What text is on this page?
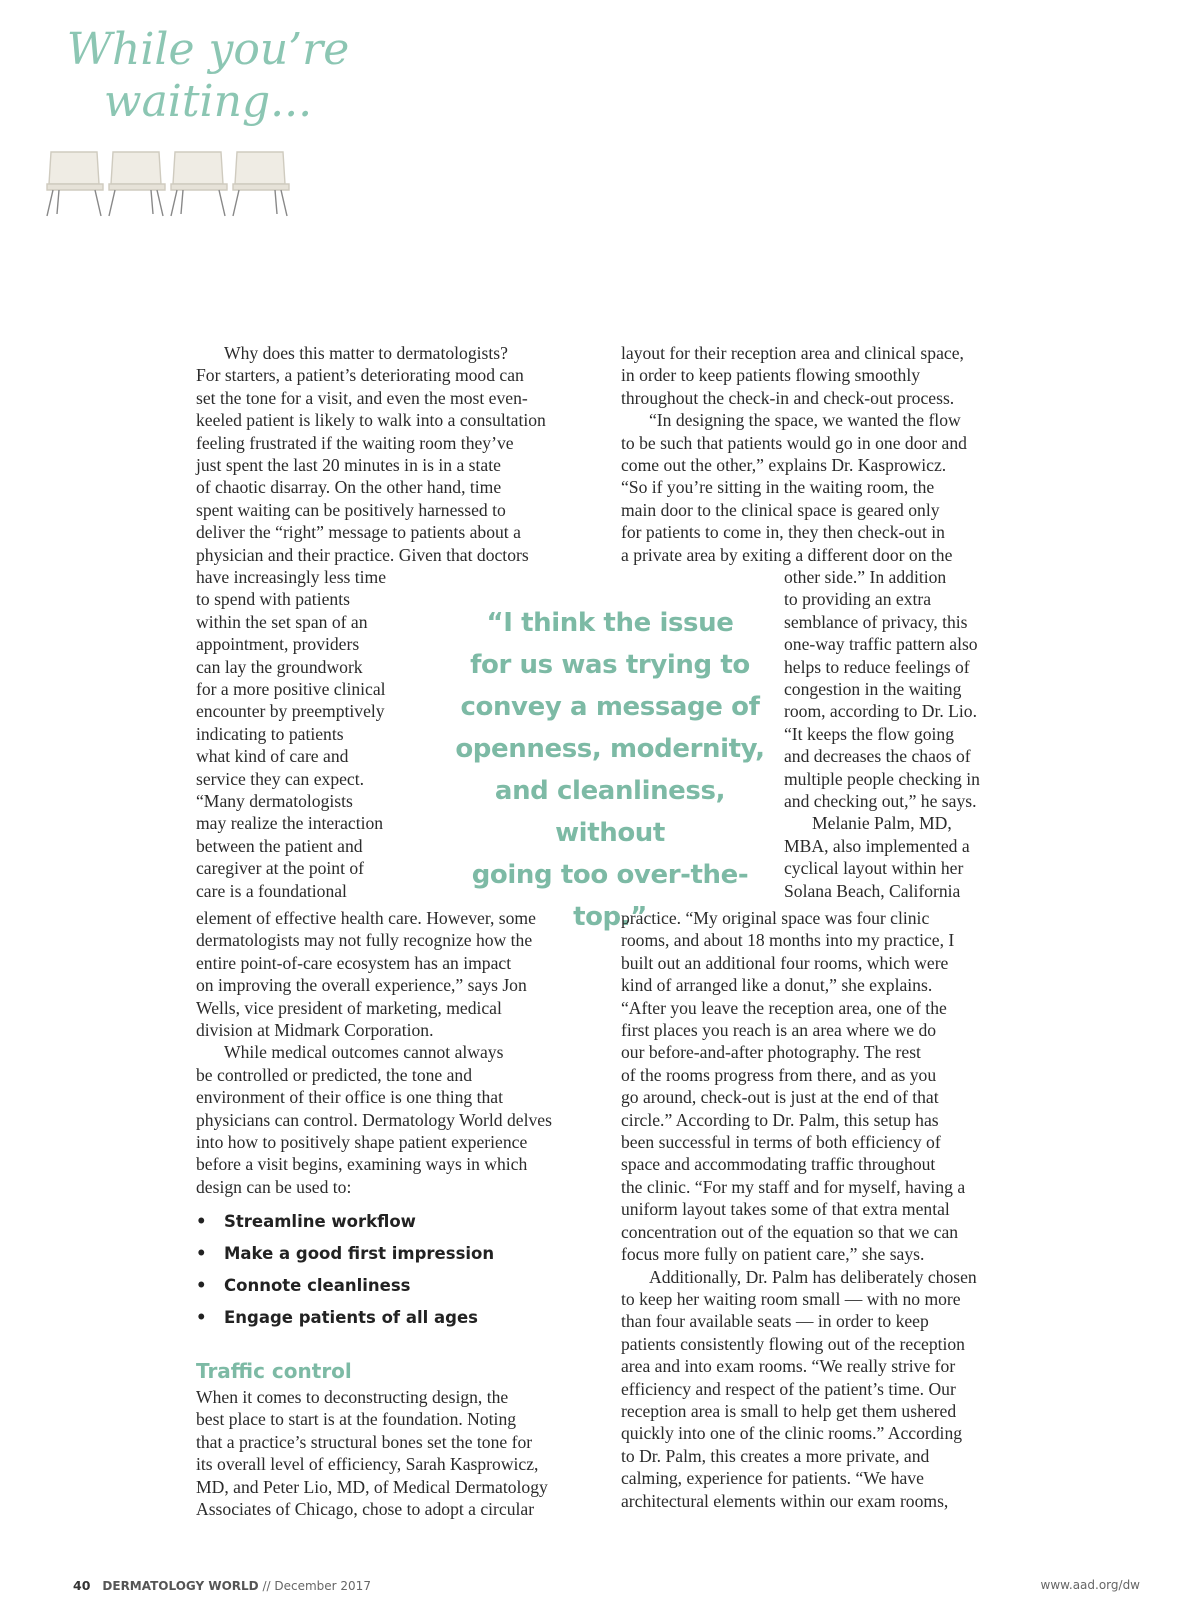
While you’re
waiting...
Why does this matter to dermatologists?
For starters, a patient’s deteriorating mood can
set the tone for a visit, and even the most even-
keeled patient is likely to walk into a consultation
feeling frustrated if the waiting room they’ve
just spent the last 20 minutes in is in a state
of chaotic disarray. On the other hand, time
spent waiting can be positively harnessed to
deliver the “right” message to patients about a
physician and their practice. Given that doctors
have increasingly less time
to spend with patients
within the set span of an
appointment, providers
can lay the groundwork
for a more positive clinical
encounter by preemptively
indicating to patients
what kind of care and
service they can expect.
“Many dermatologists
may realize the interaction
between the patient and
caregiver at the point of
care is a foundational
“I think the issue
for us was trying to
convey a message of
openness, modernity,
and cleanliness, without
going too over-the-top.”
element of effective health care. However, some
dermatologists may not fully recognize how the
entire point-of-care ecosystem has an impact
on improving the overall experience,” says Jon
Wells, vice president of marketing, medical
division at Midmark Corporation.
While medical outcomes cannot always
be controlled or predicted, the tone and
environment of their office is one thing that
physicians can control. Dermatology World delves
into how to positively shape patient experience
before a visit begins, examining ways in which
design can be used to:
• Streamline workflow
• Make a good first impression
• Connote cleanliness
• Engage patients of all ages
Traffic control
When it comes to deconstructing design, the
best place to start is at the foundation. Noting
that a practice’s structural bones set the tone for
its overall level of efficiency, Sarah Kasprowicz,
MD, and Peter Lio, MD, of Medical Dermatology
Associates of Chicago, chose to adopt a circular
layout for their reception area and clinical space,
in order to keep patients flowing smoothly
throughout the check-in and check-out process.
“In designing the space, we wanted the flow
to be such that patients would go in one door and
come out the other,” explains Dr. Kasprowicz.
“So if you’re sitting in the waiting room, the
main door to the clinical space is geared only
for patients to come in, they then check-out in
a private area by exiting a different door on the
other side.” In addition
to providing an extra
semblance of privacy, this
one-way traffic pattern also
helps to reduce feelings of
congestion in the waiting
room, according to Dr. Lio.
“It keeps the flow going
and decreases the chaos of
multiple people checking in
and checking out,” he says.
Melanie Palm, MD,
MBA, also implemented a
cyclical layout within her
Solana Beach, California
practice. “My original space was four clinic
rooms, and about 18 months into my practice, I
built out an additional four rooms, which were
kind of arranged like a donut,” she explains.
“After you leave the reception area, one of the
first places you reach is an area where we do
our before-and-after photography. The rest
of the rooms progress from there, and as you
go around, check-out is just at the end of that
circle.” According to Dr. Palm, this setup has
been successful in terms of both efficiency of
space and accommodating traffic throughout
the clinic. “For my staff and for myself, having a
uniform layout takes some of that extra mental
concentration out of the equation so that we can
focus more fully on patient care,” she says.
Additionally, Dr. Palm has deliberately chosen
to keep her waiting room small — with no more
than four available seats — in order to keep
patients consistently flowing out of the reception
area and into exam rooms. “We really strive for
efficiency and respect of the patient’s time. Our
reception area is small to help get them ushered
quickly into one of the clinic rooms.” According
to Dr. Palm, this creates a more private, and
calming, experience for patients. “We have
architectural elements within our exam rooms,
40 DERMATOLOGY WORLD // December 2017	www.aad.org/dw
